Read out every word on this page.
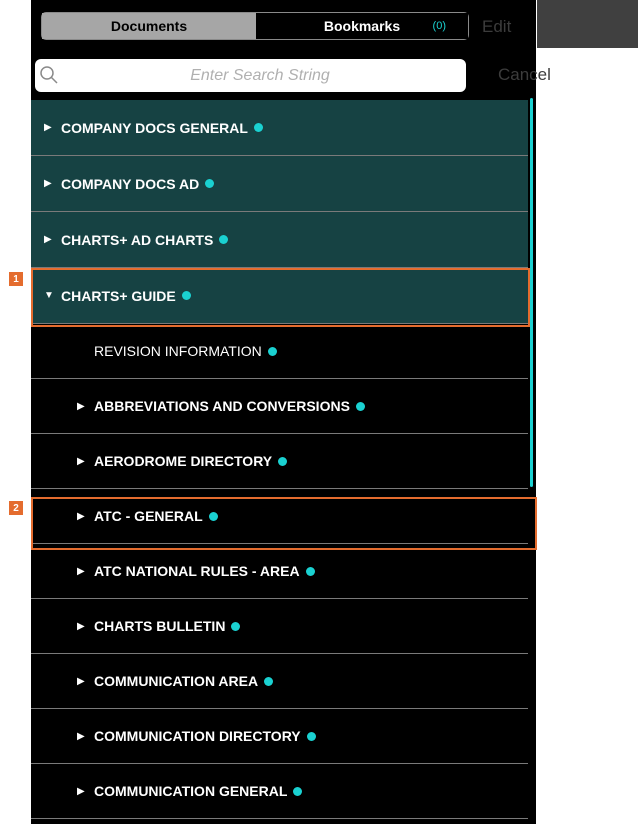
Documents	Bookmarks	(0) Edit
Enter Search String
Cancel
▶ COMPANY DOCS GENERAL
▶ COMPANY DOCS AD
▶ CHARTS+ AD CHARTS
▼ CHARTS+ GUIDE
REVISION INFORMATION
▶ ABBREVIATIONS AND CONVERSIONS
▶ AERODROME DIRECTORY
▶ ATC - GENERAL
▶ ATC NATIONAL RULES - AREA
▶ CHARTS BULLETIN
▶ COMMUNICATION AREA
▶ COMMUNICATION DIRECTORY
▶ COMMUNICATION GENERAL
1
2
